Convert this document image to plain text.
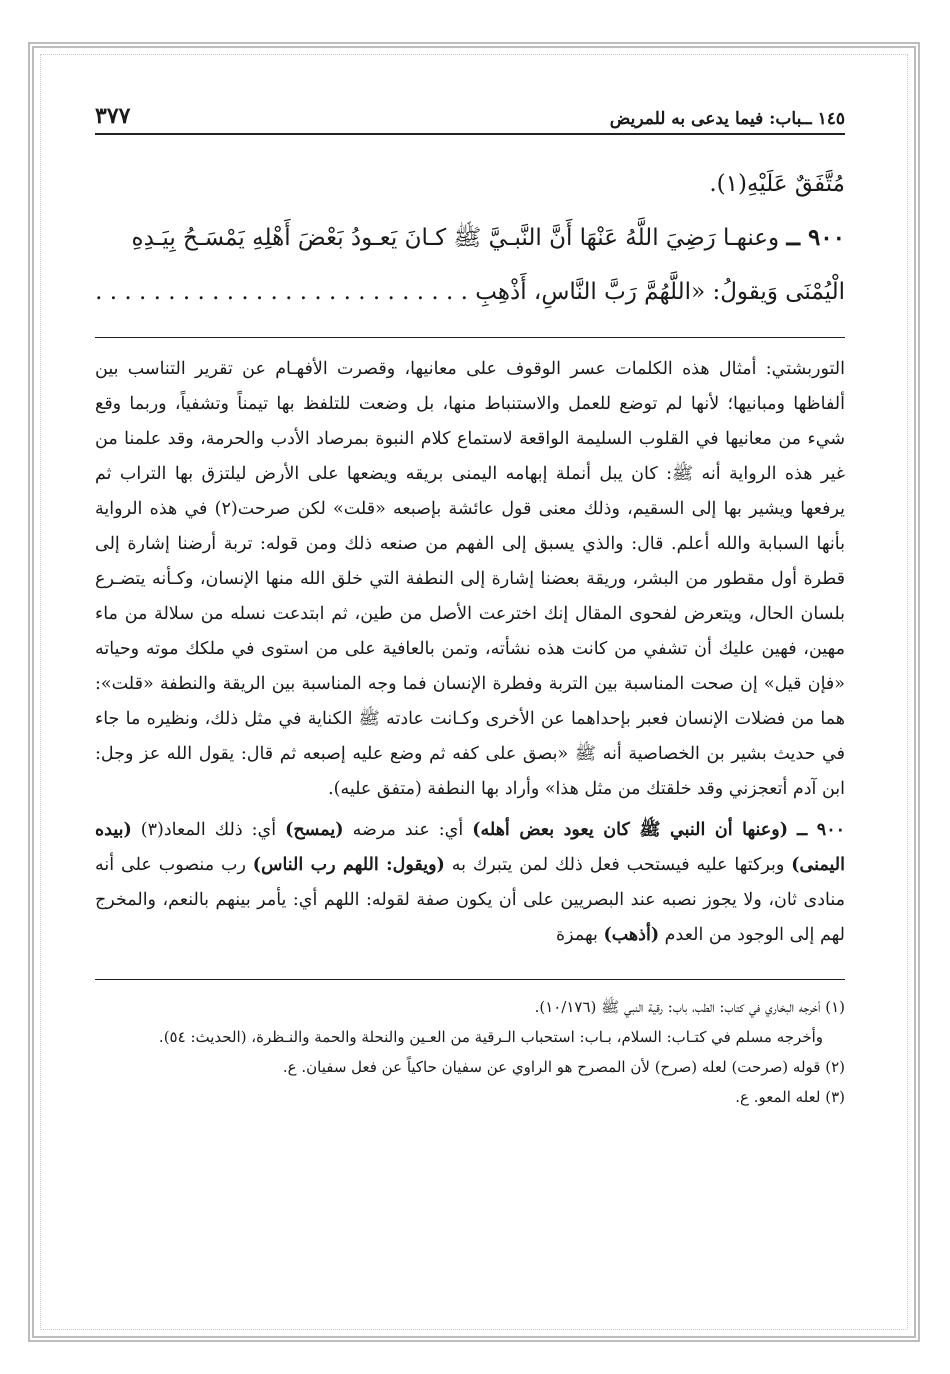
١٤٥ ــباب: فيما يدعى به للمريض
٣٧٧

مُتَّفَقٌ عَلَيْهِ(١).

٩٠٠ ــ وعنهـا رَضِيَ اللَّهُ عَنْهَا أَنَّ النَّبـيَّ ﷺ كـانَ يَعـودُ بَعْضَ أَهْلِهِ يَمْسَـحُ بِيَـدِهِ

الْيُمْنَى وَيقولُ: «اللَّهُمَّ رَبَّ النَّاسِ، أَذْهِبِ . . . . . . . . . . . . . . . . . . . . . . . . . .

التوربشتي: أمثال هذه الكلمات عسر الوقوف على معانيها، وقصرت الأفهـام عن تقرير التناسب بين ألفاظها ومبانيها؛ لأنها لم توضع للعمل والاستنباط منها، بل وضعت للتلفظ بها تيمناً وتشفياً، وربما وقع شيء من معانيها في القلوب السليمة الواقعة لاستماع كلام النبوة بمرصاد الأدب والحرمة، وقد علمنا من غير هذه الرواية أنه ﷺ: كان يبل أنملة إبهامه اليمنى بريقه ويضعها على الأرض ليلتزق بها التراب ثم يرفعها ويشير بها إلى السقيم، وذلك معنى قول عائشة بإصبعه «قلت» لكن صرحت(٢) في هذه الرواية بأنها السبابة والله أعلم. قال: والذي يسبق إلى الفهم من صنعه ذلك ومن قوله: تربة أرضنا إشارة إلى قطرة أول مقطور من البشر، وريقة بعضنا إشارة إلى النطفة التي خلق الله منها الإنسان، وكـأنه يتضـرع بلسان الحال، ويتعرض لفحوى المقال إنك اخترعت الأصل من طين، ثم ابتدعت نسله من سلالة من ماء مهين، فهين عليك أن تشفي من كانت هذه نشأته، وتمن بالعافية على من استوى في ملكك موته وحياته «فإن قيل» إن صحت المناسبة بين التربة وفطرة الإنسان فما وجه المناسبة بين الريقة والنطفة «قلت»: هما من فضلات الإنسان فعبر بإحداهما عن الأخرى وكـانت عادته ﷺ الكناية في مثل ذلك، ونظيره ما جاء في حديث بشير بن الخصاصية أنه ﷺ «بصق على كفه ثم وضع عليه إصبعه ثم قال: يقول الله عز وجل: ابن آدم أتعجزني وقد خلقتك من مثل هذا» وأراد بها النطفة (متفق عليه).

٩٠٠ ــ (وعنها أن النبي ﷺ كان يعود بعض أهله) أي: عند مرضه (يمسح) أي: ذلك المعاد(٣) (بيده اليمنى) وبركتها عليه فيستحب فعل ذلك لمن يتبرك به (ويقول: اللهم رب الناس) رب منصوب على أنه منادى ثان، ولا يجوز نصبه عند البصريين على أن يكون صفة لقوله: اللهم أي: يأمر بينهم بالنعم، والمخرج لهم إلى الوجود من العدم (أذهب) بهمزة

(١) أخرجه البخاري في كتاب: الطب، باب: رقية النبي ﷺ (١٠/١٧٦).

وأخرجه مسلم في كتـاب: السلام، بـاب: استحباب الـرقية من العـين والنحلة والحمة والنـظرة، (الحديث: ٥٤).

(٢) قوله (صرحت) لعله (صرح) لأن المصرح هو الراوي عن سفيان حاكياً عن فعل سفيان. ع.

(٣) لعله المعو. ع.
